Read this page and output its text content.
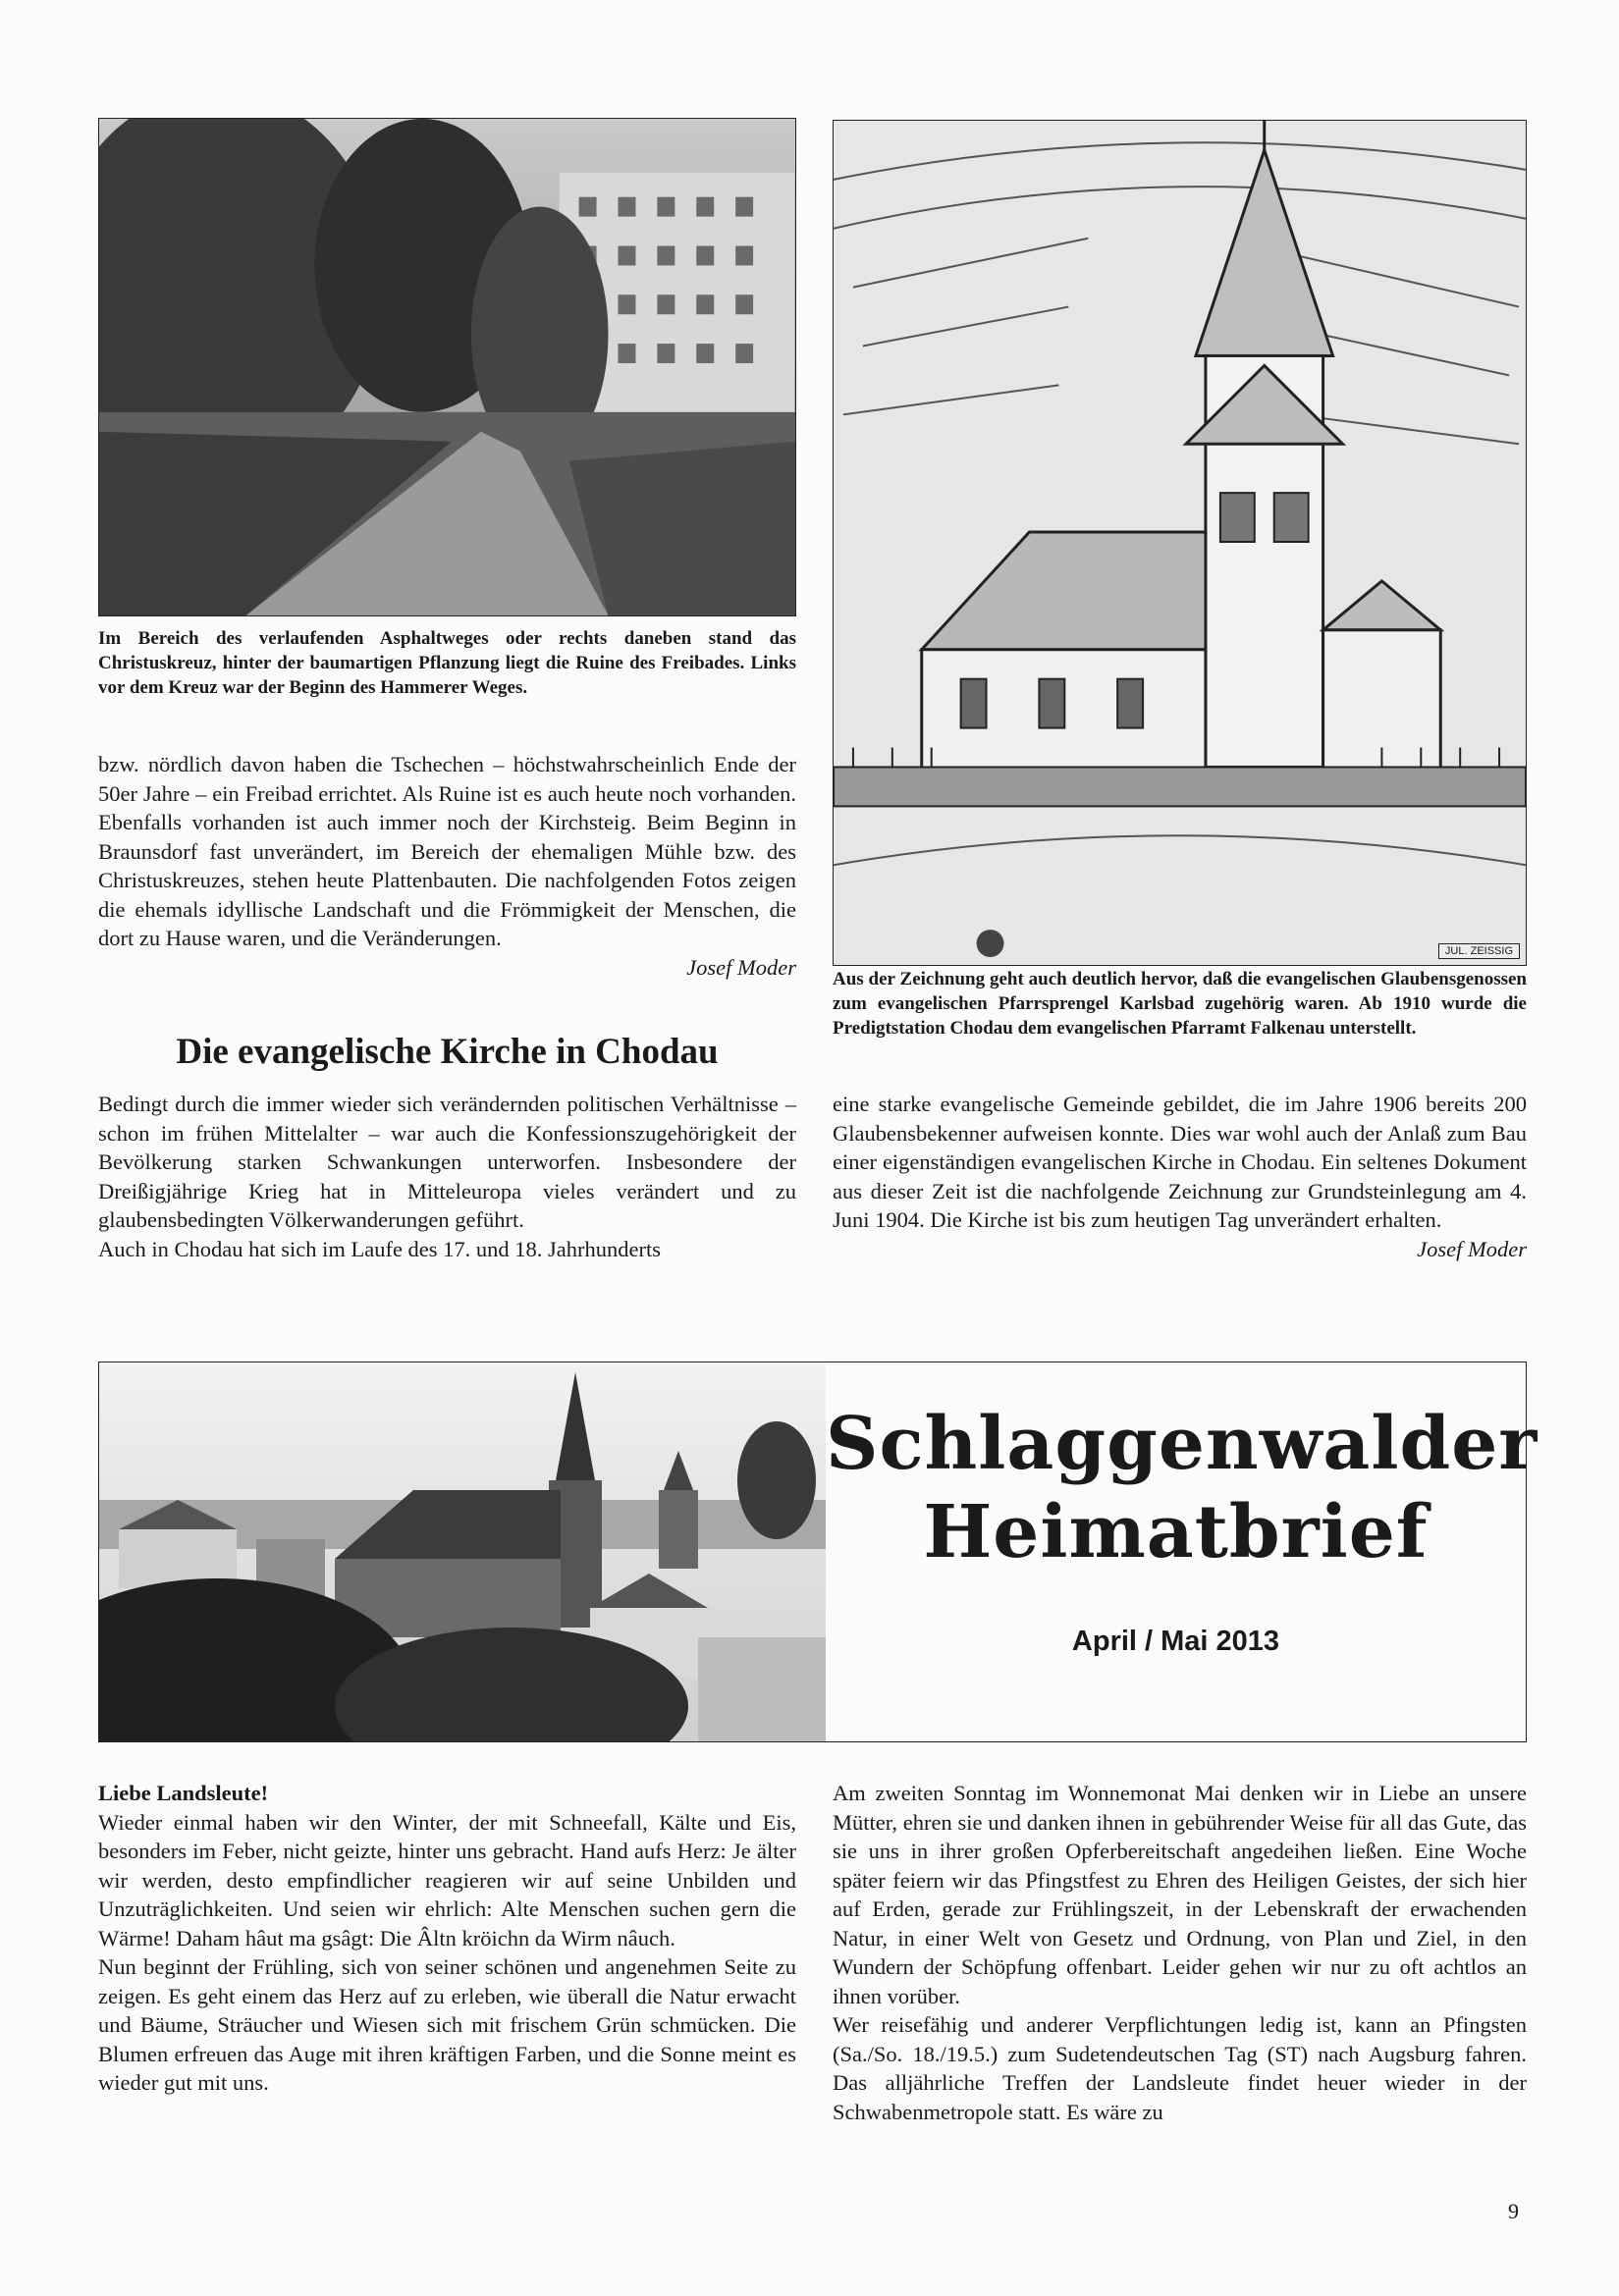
Im Bereich des verlaufenden Asphaltweges oder rechts daneben stand das Christuskreuz, hinter der baumartigen Pflanzung liegt die Ruine des Freibades. Links vor dem Kreuz war der Beginn des Hammerer Weges.

bzw. nördlich davon haben die Tschechen – höchstwahrscheinlich Ende der 50er Jahre – ein Freibad errichtet. Als Ruine ist es auch heute noch vorhanden. Ebenfalls vorhanden ist auch immer noch der Kirchsteig. Beim Beginn in Braunsdorf fast unverändert, im Bereich der ehemaligen Mühle bzw. des Christuskreuzes, stehen heute Plattenbauten. Die nachfolgenden Fotos zeigen die ehemals idyllische Landschaft und die Frömmigkeit der Menschen, die dort zu Hause waren, und die Veränderungen.

Josef Moder

JUL. ZEISSIG
Aus der Zeichnung geht auch deutlich hervor, daß die evangelischen Glaubensgenossen zum evangelischen Pfarrsprengel Karlsbad zugehörig waren. Ab 1910 wurde die Predigtstation Chodau dem evangelischen Pfarramt Falkenau unterstellt.
Die evangelische Kirche in Chodau

Bedingt durch die immer wieder sich verändernden politischen Verhältnisse – schon im frühen Mittelalter – war auch die Konfessionszugehörigkeit der Bevölkerung starken Schwankungen unterworfen. Insbesondere der Dreißigjährige Krieg hat in Mitteleuropa vieles verändert und zu glaubensbedingten Völkerwanderungen geführt.

Auch in Chodau hat sich im Laufe des 17. und 18. Jahrhunderts

eine starke evangelische Gemeinde gebildet, die im Jahre 1906 bereits 200 Glaubensbekenner aufweisen konnte. Dies war wohl auch der Anlaß zum Bau einer eigenständigen evangelischen Kirche in Chodau. Ein seltenes Dokument aus dieser Zeit ist die nachfolgende Zeichnung zur Grundsteinlegung am 4. Juni 1904. Die Kirche ist bis zum heutigen Tag unverändert erhalten.

Josef Moder

Schlaggenwalder
Heimatbrief
April / Mai 2013

Liebe Landsleute!

Wieder einmal haben wir den Winter, der mit Schneefall, Kälte und Eis, besonders im Feber, nicht geizte, hinter uns gebracht. Hand aufs Herz: Je älter wir werden, desto empfindlicher reagieren wir auf seine Unbilden und Unzuträglichkeiten. Und seien wir ehrlich: Alte Menschen suchen gern die Wärme! Daham hâut ma gsâgt: Die Âltn kröichn da Wirm nâuch.

Nun beginnt der Frühling, sich von seiner schönen und angenehmen Seite zu zeigen. Es geht einem das Herz auf zu erleben, wie überall die Natur erwacht und Bäume, Sträucher und Wiesen sich mit frischem Grün schmücken. Die Blumen erfreuen das Auge mit ihren kräftigen Farben, und die Sonne meint es wieder gut mit uns.

Am zweiten Sonntag im Wonnemonat Mai denken wir in Liebe an unsere Mütter, ehren sie und danken ihnen in gebührender Weise für all das Gute, das sie uns in ihrer großen Opferbereitschaft angedeihen ließen. Eine Woche später feiern wir das Pfingstfest zu Ehren des Heiligen Geistes, der sich hier auf Erden, gerade zur Frühlingszeit, in der Lebenskraft der erwachenden Natur, in einer Welt von Gesetz und Ordnung, von Plan und Ziel, in den Wundern der Schöpfung offenbart. Leider gehen wir nur zu oft achtlos an ihnen vorüber.

Wer reisefähig und anderer Verpflichtungen ledig ist, kann an Pfingsten (Sa./So. 18./19.5.) zum Sudetendeutschen Tag (ST) nach Augsburg fahren. Das alljährliche Treffen der Landsleute findet heuer wieder in der Schwabenmetropole statt. Es wäre zu

9
